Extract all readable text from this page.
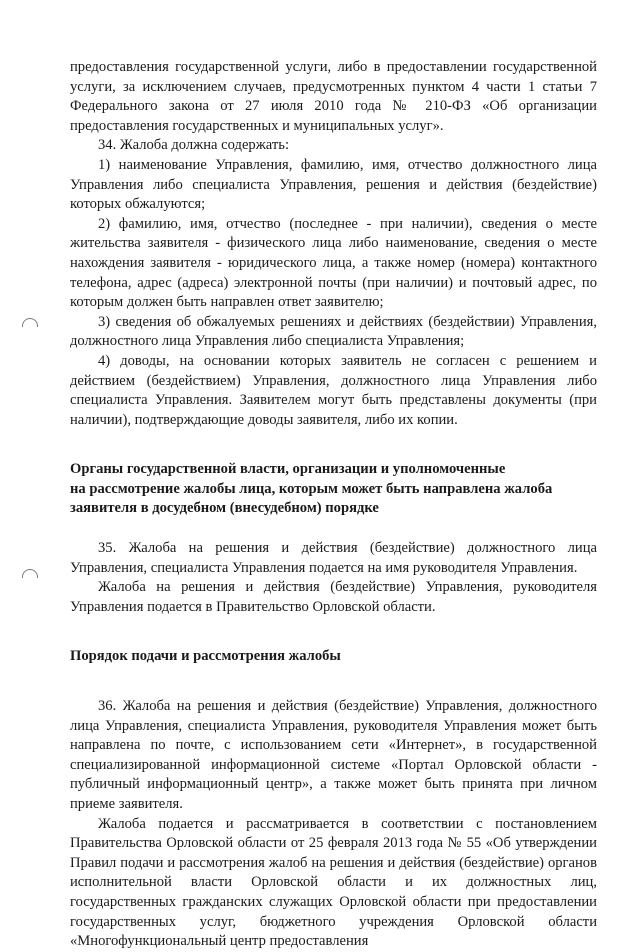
предоставления государственной услуги, либо в предоставлении государственной услуги, за исключением случаев, предусмотренных пунктом 4 части 1 статьи 7 Федерального закона от 27 июля 2010 года № 210-ФЗ «Об организации предоставления государственных и муниципальных услуг».

34. Жалоба должна содержать:

1) наименование Управления, фамилию, имя, отчество должностного лица Управления либо специалиста Управления, решения и действия (бездействие) которых обжалуются;

2) фамилию, имя, отчество (последнее - при наличии), сведения о месте жительства заявителя - физического лица либо наименование, сведения о месте нахождения заявителя - юридического лица, а также номер (номера) контактного телефона, адрес (адреса) электронной почты (при наличии) и почтовый адрес, по которым должен быть направлен ответ заявителю;

3) сведения об обжалуемых решениях и действиях (бездействии) Управления, должностного лица Управления либо специалиста Управления;

4) доводы, на основании которых заявитель не согласен с решением и действием (бездействием) Управления, должностного лица Управления либо специалиста Управления. Заявителем могут быть представлены документы (при наличии), подтверждающие доводы заявителя, либо их копии.

Органы государственной власти, организации и уполномоченные
на рассмотрение жалобы лица, которым может быть направлена жалоба
заявителя в досудебном (внесудебном) порядке

35. Жалоба на решения и действия (бездействие) должностного лица Управления, специалиста Управления подается на имя руководителя Управления.

Жалоба на решения и действия (бездействие) Управления, руководителя Управления подается в Правительство Орловской области.

Порядок подачи и рассмотрения жалобы

36. Жалоба на решения и действия (бездействие) Управления, должностного лица Управления, специалиста Управления, руководителя Управления может быть направлена по почте, с использованием сети «Интернет», в государственной специализированной информационной системе «Портал Орловской области - публичный информационный центр», а также может быть принята при личном приеме заявителя.

Жалоба подается и рассматривается в соответствии с постановлением Правительства Орловской области от 25 февраля 2013 года № 55 «Об утверждении Правил подачи и рассмотрения жалоб на решения и действия (бездействие) органов исполнительной власти Орловской области и их должностных лиц, государственных гражданских служащих Орловской области при предоставлении государственных услуг, бюджетного учреждения Орловской области «Многофункциональный центр предоставления
